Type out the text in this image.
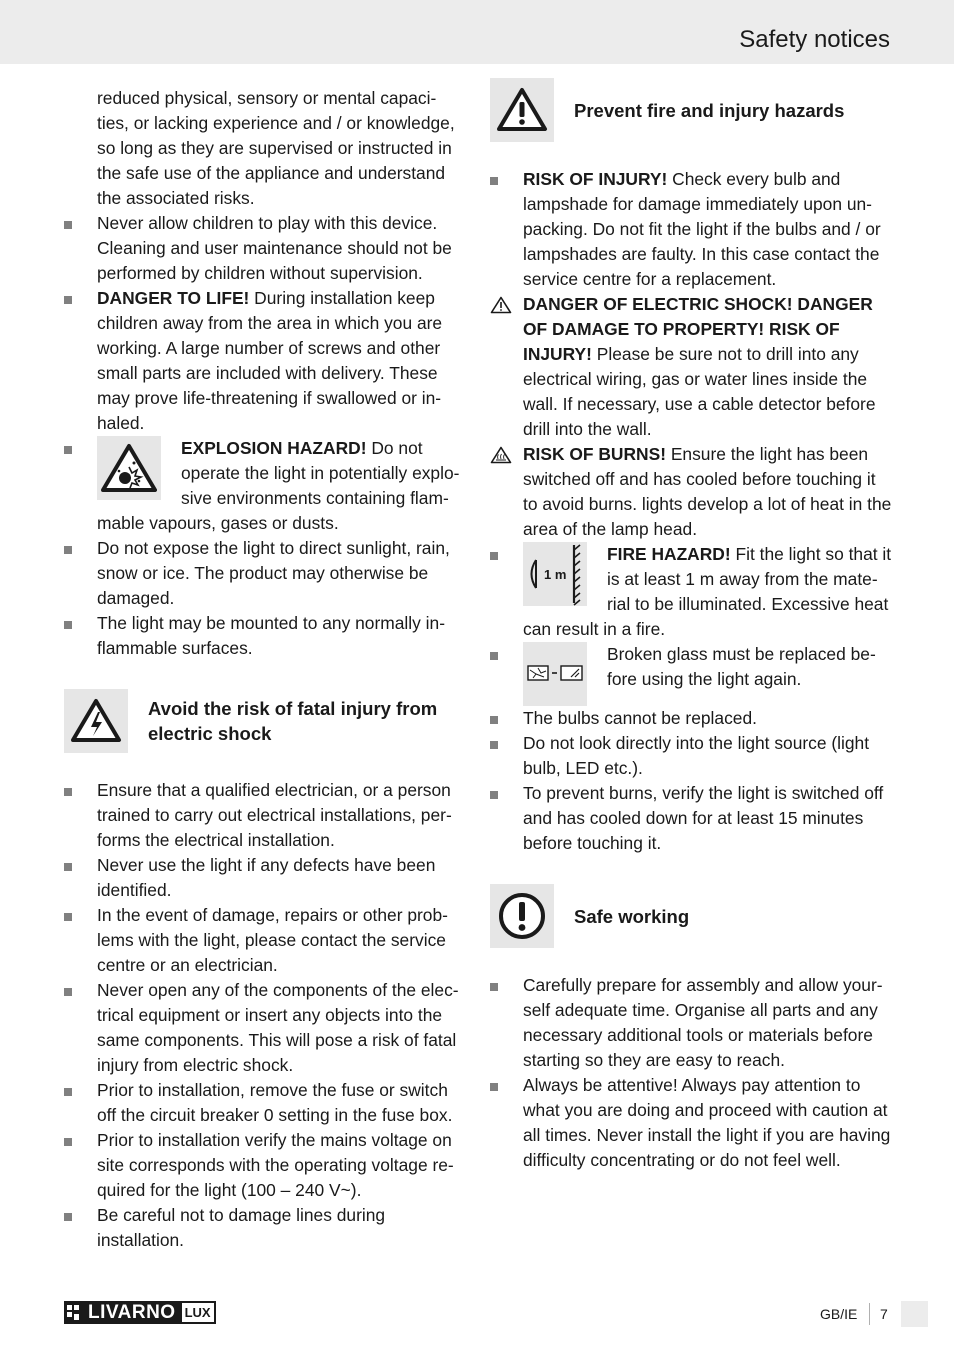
Safety notices
reduced physical, sensory or mental capaci-ties, or lacking experience and / or knowledge, so long as they are supervised or instructed in the safe use of the appliance and understand the associated risks.
Never allow children to play with this device. Cleaning and user maintenance should not be performed by children without supervision.
DANGER TO LIFE! During installation keep children away from the area in which you are working. A large number of screws and other small parts are included with delivery. These may prove life-threatening if swallowed or in-haled.
EXPLOSION HAZARD! Do not operate the light in potentially explo-sive environments containing flam-mable vapours, gases or dusts.
Do not expose the light to direct sunlight, rain, snow or ice. The product may otherwise be damaged.
The light may be mounted to any normally in-flammable surfaces.
Avoid the risk of fatal injury from electric shock
Ensure that a qualified electrician, or a person trained to carry out electrical installations, per-forms the electrical installation.
Never use the light if any defects have been identified.
In the event of damage, repairs or other prob-lems with the light, please contact the service centre or an electrician.
Never open any of the components of the elec-trical equipment or insert any objects into the same components. This will pose a risk of fatal injury from electric shock.
Prior to installation, remove the fuse or switch off the circuit breaker 0 setting in the fuse box.
Prior to installation verify the mains voltage on site corresponds with the operating voltage re-quired for the light (100 – 240 V~).
Be careful not to damage lines during installation.
Prevent fire and injury hazards
RISK OF INJURY! Check every bulb and lampshade for damage immediately upon un-packing. Do not fit the light if the bulbs and / or lampshades are faulty. In this case contact the service centre for a replacement.
DANGER OF ELECTRIC SHOCK! DANGER OF DAMAGE TO PROPERTY! RISK OF INJURY! Please be sure not to drill into any electrical wiring, gas or water lines inside the wall. If necessary, use a cable detector before drill into the wall.
RISK OF BURNS! Ensure the light has been switched off and has cooled before touching it to avoid burns. lights develop a lot of heat in the area of the lamp head.
1 m
FIRE HAZARD! Fit the light so that it is at least 1 m away from the mate-rial to be illuminated. Excessive heat can result in a fire.
Broken glass must be replaced be-fore using the light again.
The bulbs cannot be replaced.
Do not look directly into the light source (light bulb, LED etc.).
To prevent burns, verify the light is switched off and has cooled down for at least 15 minutes before touching it.
Safe working
Carefully prepare for assembly and allow your-self adequate time. Organise all parts and any necessary additional tools or materials before starting so they are easy to reach.
Always be attentive! Always pay attention to what you are doing and proceed with caution at all times. Never install the light if you are having difficulty concentrating or do not feel well.
LIVARNO LUX	GB/IE 7
